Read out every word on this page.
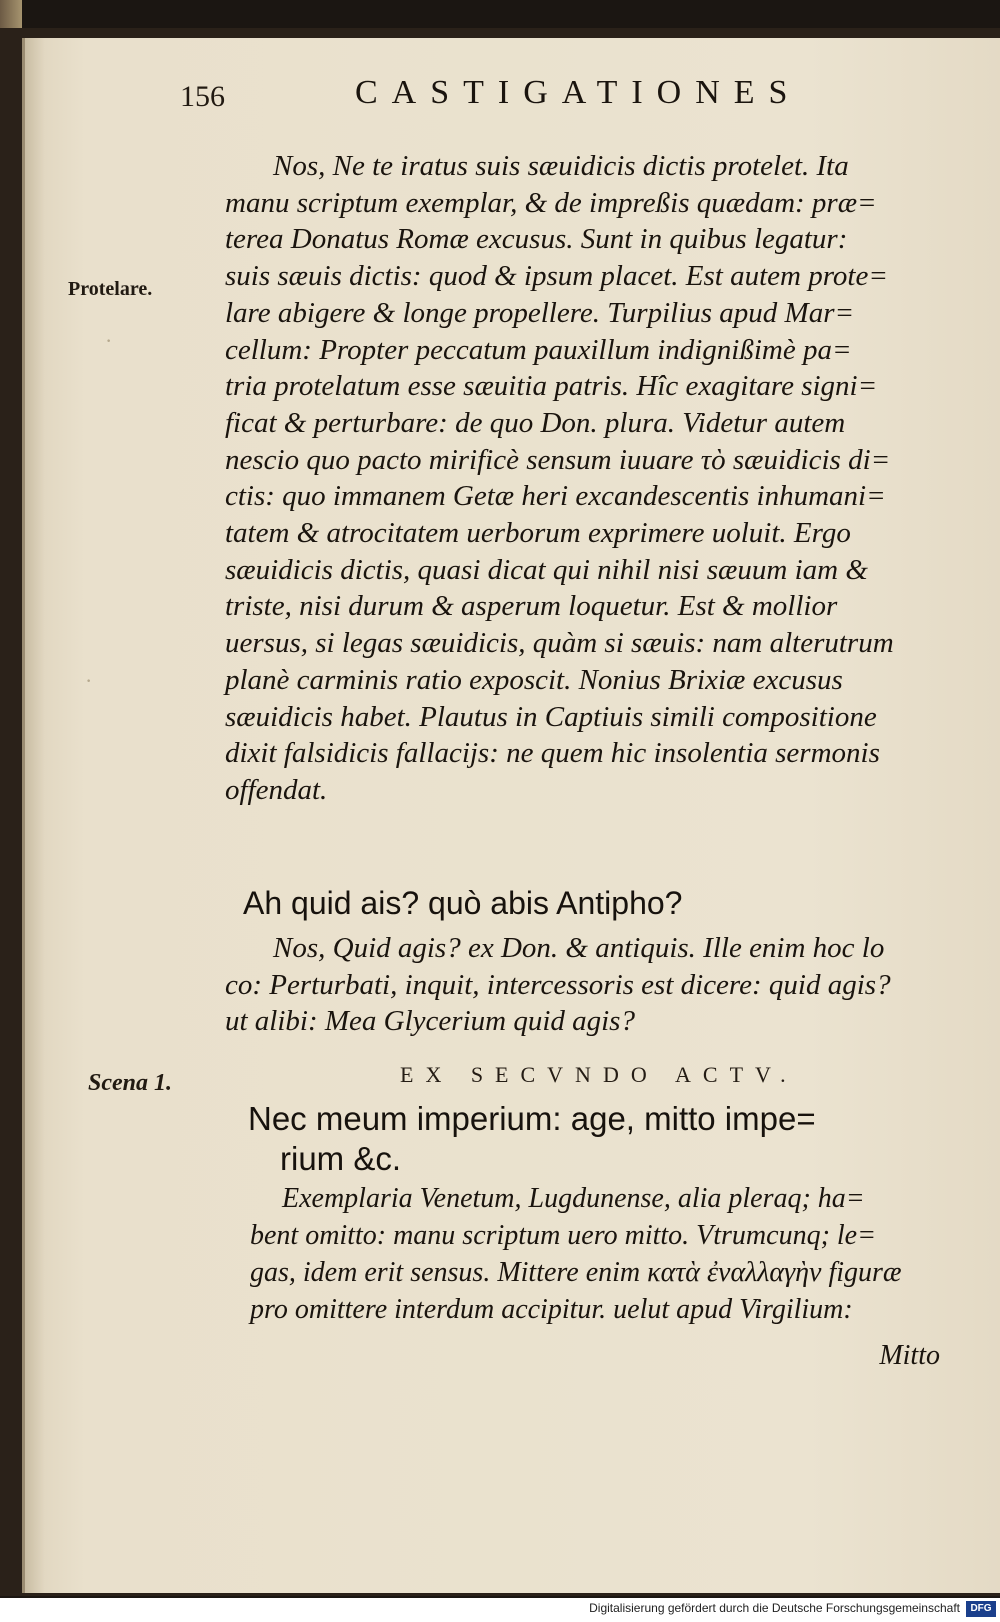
·
·
156	CASTIGATIONES
Protelare.
Scena 1.
Nos, Ne te iratus suis sæuidicis dictis protelet. Ita
manu scriptum exemplar, & de impreßis quædam: præ=
terea Donatus Romæ excusus. Sunt in quibus legatur:
suis sæuis dictis: quod & ipsum placet. Est autem prote=
lare abigere & longe propellere. Turpilius apud Mar=
cellum: Propter peccatum pauxillum indignißimè pa=
tria protelatum esse sæuitia patris. Hîc exagitare signi=
ficat & perturbare: de quo Don. plura. Videtur autem
nescio quo pacto mirificè sensum iuuare τὸ sæuidicis di=
ctis: quo immanem Getæ heri excandescentis inhumani=
tatem & atrocitatem uerborum exprimere uoluit. Ergo
sæuidicis dictis, quasi dicat qui nihil nisi sæuum iam &
triste, nisi durum & asperum loquetur. Est & mollior
uersus, si legas sæuidicis, quàm si sæuis: nam alterutrum
planè carminis ratio exposcit. Nonius Brixiæ excusus
sæuidicis habet. Plautus in Captiuis simili compositione
dixit falsidicis fallacijs: ne quem hic insolentia sermonis
offendat.
Ah quid ais? quò abis Antipho?
Nos, Quid agis? ex Don. & antiquis. Ille enim hoc lo
co: Perturbati, inquit, intercessoris est dicere: quid agis?
ut alibi: Mea Glycerium quid agis?
EX SECVNDO ACTV.
Nec meum imperium: age, mitto impe=
rium &c.
Exemplaria Venetum, Lugdunense, alia pleraq; ha=
bent omitto: manu scriptum uero mitto. Vtrumcunq; le=
gas, idem erit sensus. Mittere enim κατὰ ἐναλλαγὴν figuræ
pro omittere interdum accipitur. uelut apud Virgilium:
Mitto
Digitalisierung gefördert durch die Deutsche Forschungsgemeinschaft	DFG
